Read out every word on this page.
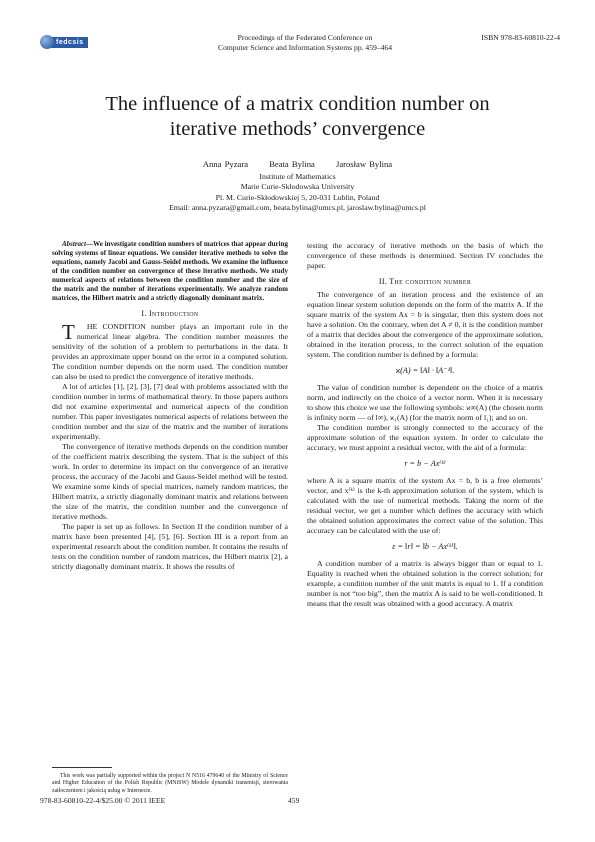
fedcsis	Proceedings of the Federated Conference on
Computer Science and Information Systems pp. 459–464
ISBN 978-83-60810-22-4
The influence of a matrix condition number on
iterative methods’ convergence
Anna Pyzara Beata Bylina Jarosław Bylina
Institute of Mathematics
Marie Curie-Skłodowska University
Pl. M. Curie-Skłodowskiej 5, 20-031 Lublin, Poland
Email: anna.pyzara@gmail.com, beata.bylina@umcs.pl, jaroslaw.bylina@umcs.pl

Abstract—We investigate condition numbers of matrices that appear during solving systems of linear equations. We consider iterative methods to solve the equations, namely Jacobi and Gauss-Seidel methods. We examine the influence of the condition number on convergence of these iterative methods. We study numerical aspects of relations between the condition number and the size of the matrix and the number of iterations experimentally. We analyze random matrices, the Hilbert matrix and a strictly diagonally dominant matrix.

I. Introduction

T HE CONDITION number plays an important role in the numerical linear algebra. The condition number measures the sensitivity of the solution of a problem to perturbations in the data. It provides an approximate upper bound on the error in a computed solution. The condition number depends on the norm used. The condition number can also be used to predict the convergence of iterative methods.

A lot of articles [1], [2], [3], [7] deal with problems associated with the condition number in terms of mathematical theory. In those papers authors did not examine experimental and numerical aspects of the condition number. This paper investigates numerical aspects of relations between the condition number and the size of the matrix and the number of iterations experimentally.

The convergence of iterative methods depends on the condition number of the coefficient matrix describing the system. That is the subject of this work. In order to determine its impact on the convergence of an iterative process, the accuracy of the Jacobi and Gauss-Seidel method will be tested. We examine some kinds of special matrices, namely random matrices, the Hilbert matrix, a strictly diagonally dominant matrix and relations between the size of the matrix, the condition number and the convergence of iterative methods.

The paper is set up as follows. In Section II the condition number of a matrix have been presented [4], [5], [6]. Section III is a report from an experimental research about the condition number. It contains the results of tests on the condition number of random matrices, the Hilbert matrix [2], a strictly diagonally dominant matrix. It shows the results of

testing the accuracy of iterative methods on the basis of which the convergence of these methods is determined. Section IV concludes the paper.

II. The condition number

The convergence of an iteration process and the existence of an equation linear system solution depends on the form of the matrix A. If the square matrix of the system Ax = b is singular, then this system does not have a solution. On the contrary, when det A ≠ 0, it is the condition number of a matrix that decides about the convergence of the approximate solution, obtained in the iteration process, to the correct solution of the equation system. The condition number is defined by a formula:

ϰ(A) = ‖A‖ · ‖A⁻¹‖.

The value of condition number is dependent on the choice of a matrix norm, and indirectly on the choice of a vector norm. When it is necessary to show this choice we use the following symbols: ϰ∞(A) (the chosen norm is infinity norm — of l∞), ϰ₁(A) (for the matrix norm of l₁); and so on.

The condition number is strongly connected to the accuracy of the approximate solution of the equation system. In order to calculate the accuracy, we must appoint a residual vector, with the aid of a formula:

r = b − Ax⁽ᵏ⁾

where A is a square matrix of the system Ax = b, b is a free elements’ vector, and x⁽ᵏ⁾ is the k-th approximation solution of the system, which is calculated with the use of numerical methods. Taking the norm of the residual vector, we get a number which defines the accuracy with which the obtained solution approximates the correct value of the solution. This accuracy can be calculated with the use of:

ε = ‖r‖ = ‖b − Ax⁽ᵏ⁾‖.

A condition number of a matrix is always bigger than or equal to 1. Equality is reached when the obtained solution is the correct solution; for example, a condition number of the unit matrix is equal to 1. If a condition number is not “too big”, then the matrix A is said to be well-conditioned. It means that the result was obtained with a good accuracy. A matrix

This work was partially supported within the project N N516 479640 of the Ministry of Science and Higher Education of the Polish Republic (MNiSW) Modele dynamiki transmisji, sterowania zatłoczeniem i jakością usług w Internecie.
978-83-60810-22-4/$25.00 © 2011 IEEE	459
